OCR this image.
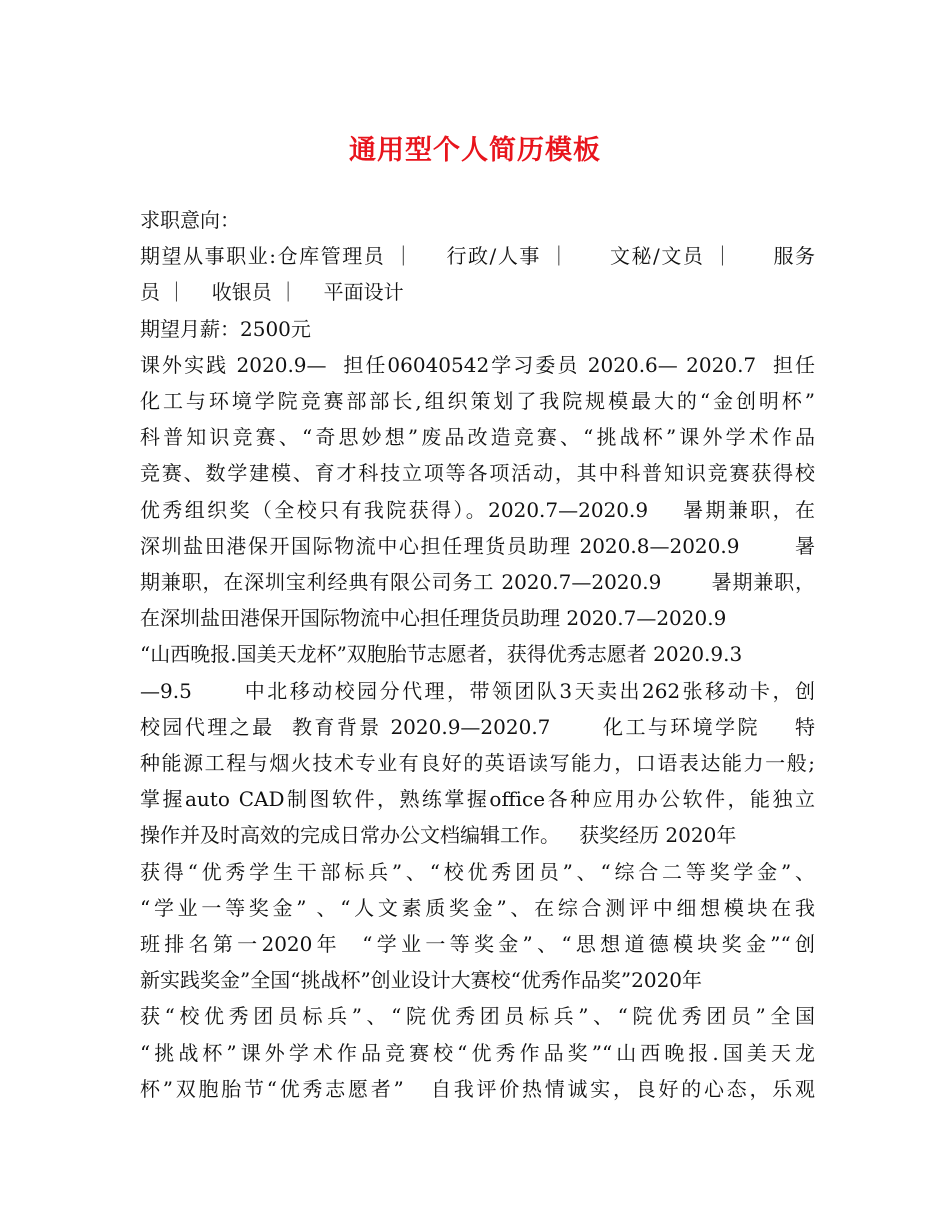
通用型个人简历模板
求职意向：
期望从事职业:仓库管理员 ｜    行政/人事 ｜     文秘/文员 ｜     服务
员 ｜    收银员 ｜    平面设计
期望月薪：2500元
课外实践 2020.9—  担任06040542学习委员 2020.6— 2020.7  担任
化工与环境学院竞赛部部长,组织策划了我院规模最大的“金创明杯”
科普知识竞赛、“奇思妙想”废品改造竞赛、“挑战杯”课外学术作品
竞赛、数学建模、育才科技立项等各项活动，其中科普知识竞赛获得校
优秀组织奖（全校只有我院获得）。2020.7—2020.9    暑期兼职，在
深圳盐田港保开国际物流中心担任理货员助理 2020.8—2020.9       暑
期兼职，在深圳宝利经典有限公司务工 2020.7—2020.9       暑期兼职，
在深圳盐田港保开国际物流中心担任理货员助理 2020.7—2020.9
“山西晚报.国美天龙杯”双胞胎节志愿者，获得优秀志愿者 2020.9.3
—9.5      中北移动校园分代理，带领团队3天卖出262张移动卡，创
校园代理之最  教育背景 2020.9—2020.7      化工与环境学院    特
种能源工程与烟火技术专业有良好的英语读写能力，口语表达能力一般;
掌握auto CAD制图软件，熟练掌握office各种应用办公软件，能独立
操作并及时高效的完成日常办公文档编辑工作。   获奖经历 2020年
获得“优秀学生干部标兵”、“校优秀团员”、“综合二等奖学金”、
“学业一等奖金” 、“人文素质奖金”、在综合测评中细想模块在我
班排名第一2020年  “学业一等奖金”、“思想道德模块奖金”“创
新实践奖金”全国“挑战杯”创业设计大赛校“优秀作品奖”2020年
获“校优秀团员标兵”、“院优秀团员标兵”、“院优秀团员”全国
“挑战杯”课外学术作品竞赛校“优秀作品奖”“山西晚报.国美天龙
杯”双胞胎节“优秀志愿者”   自我评价热情诚实，良好的心态，乐观
